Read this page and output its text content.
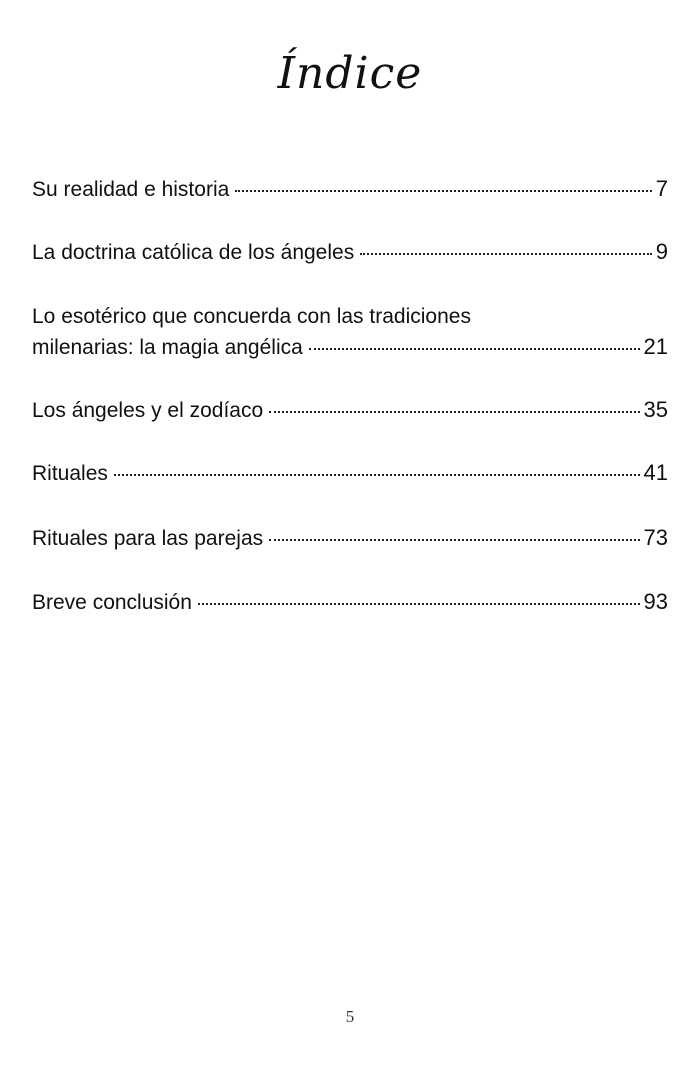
Índice
Su realidad e historia	7
La doctrina católica de los ángeles	9
Lo esotérico que concuerda con las tradiciones
milenarias: la magia angélica	21
Los ángeles y el zodíaco	35
Rituales	41
Rituales para las parejas	73
Breve conclusión	93
5
